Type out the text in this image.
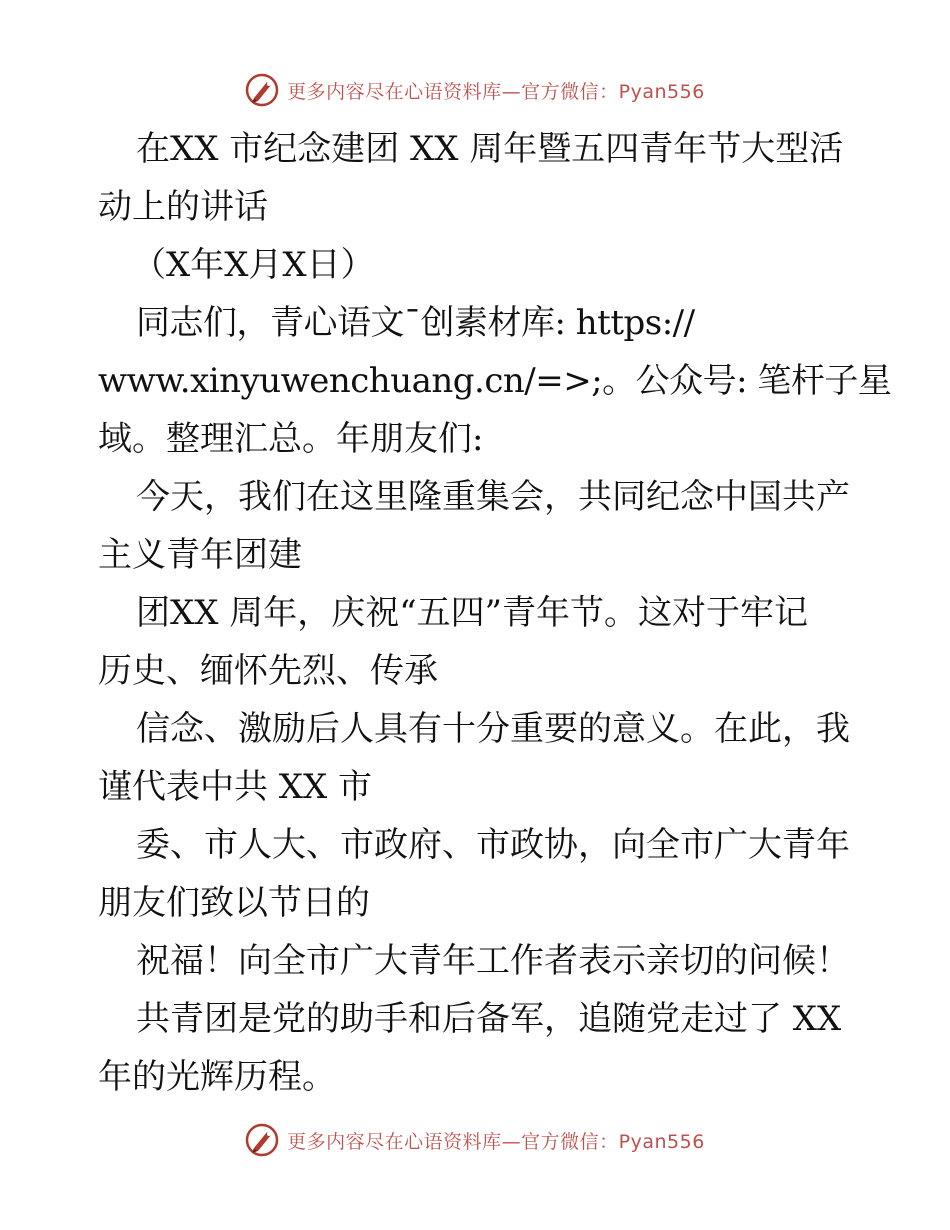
更多内容尽在心语资料库—官方微信：Pyan556
在XX 市纪念建团 XX 周年暨五四青年节大型活
动上的讲话
（X年X月X日）
同志们，青心语文¯创素材库: https://
www.xinyuwenchuang.cn/=>;。公众号: 笔杆子星
域。整理汇总。年朋友们:
今天，我们在这里隆重集会，共同纪念中国共产
主义青年团建
团XX 周年，庆祝“五四”青年节。这对于牢记
历史、缅怀先烈、传承
信念、激励后人具有十分重要的意义。在此，我
谨代表中共 XX 市
委、市人大、市政府、市政协，向全市广大青年
朋友们致以节日的
祝福！向全市广大青年工作者表示亲切的问候！
共青团是党的助手和后备军，追随党走过了 XX
年的光辉历程。
更多内容尽在心语资料库—官方微信：Pyan556
